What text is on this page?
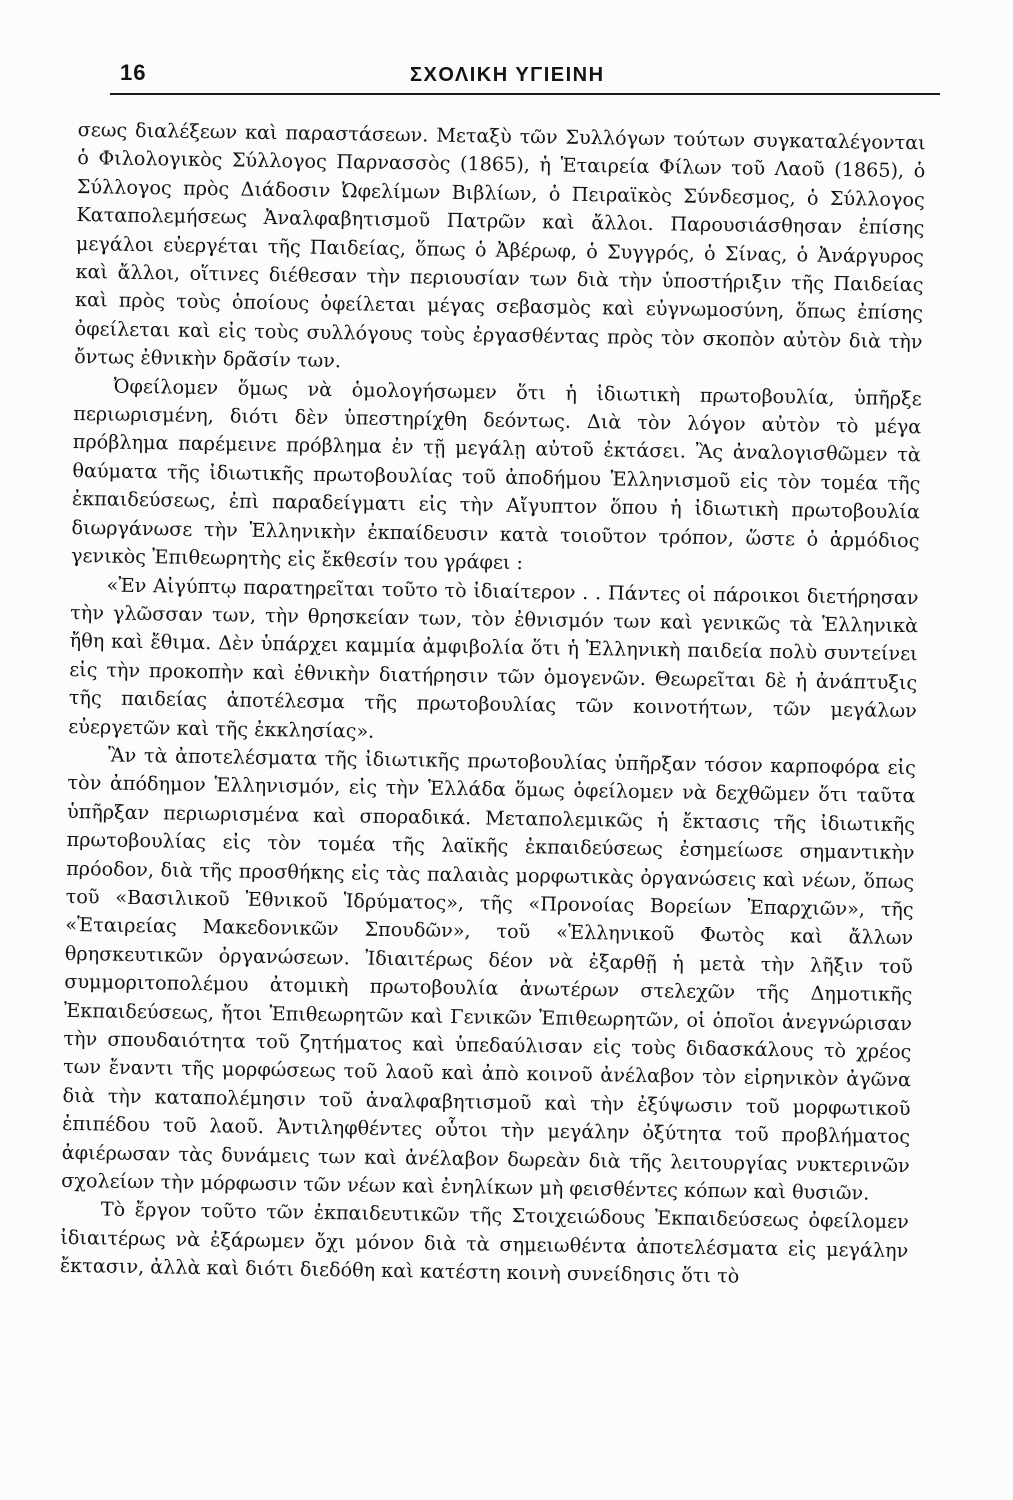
16	ΣΧΟΛΙΚΗ ΥΓΙΕΙΝΗ

σεως διαλέξεων καὶ παραστάσεων. Μεταξὺ τῶν Συλλόγων τούτων συγκαταλέγονται ὁ Φιλολογικὸς Σύλλογος Παρνασσὸς (1865), ἡ Ἑταιρεία Φίλων τοῦ Λαοῦ (1865), ὁ Σύλλογος πρὸς Διάδοσιν Ὠφελίμων Βιβλίων, ὁ Πειραϊκὸς Σύνδεσμος, ὁ Σύλλογος Καταπολεμήσεως Ἀναλφαβητισμοῦ Πατρῶν καὶ ἄλλοι. Παρουσιάσθησαν ἐπίσης μεγάλοι εὐεργέται τῆς Παιδείας, ὅπως ὁ Ἀβέρωφ, ὁ Συγγρός, ὁ Σίνας, ὁ Ἀνάργυρος καὶ ἄλλοι, οἵτινες διέθεσαν τὴν περιουσίαν των διὰ τὴν ὑποστήριξιν τῆς Παιδείας καὶ πρὸς τοὺς ὁποίους ὀφείλεται μέγας σεβασμὸς καὶ εὐγνωμοσύνη, ὅπως ἐπίσης ὀφείλεται καὶ εἰς τοὺς συλλόγους τοὺς ἐργασθέντας πρὸς τὸν σκοπὸν αὐτὸν διὰ τὴν ὄντως ἐθνικὴν δρᾶσίν των.

Ὀφείλομεν ὅμως νὰ ὁμολογήσωμεν ὅτι ἡ ἰδιωτικὴ πρωτοβουλία, ὑπῆρξε περιωρισμένη, διότι δὲν ὑπεστηρίχθη δεόντως. Διὰ τὸν λόγον αὐτὸν τὸ μέγα πρόβλημα παρέμεινε πρόβλημα ἐν τῇ μεγάλῃ αὐτοῦ ἐκτάσει. Ἂς ἀναλογισθῶμεν τὰ θαύματα τῆς ἰδιωτικῆς πρωτοβουλίας τοῦ ἀποδήμου Ἑλληνισμοῦ εἰς τὸν τομέα τῆς ἐκπαιδεύσεως, ἐπὶ παραδείγματι εἰς τὴν Αἴγυπτον ὅπου ἡ ἰδιωτικὴ πρωτοβουλία διωργάνωσε τὴν Ἑλληνικὴν ἐκπαίδευσιν κατὰ τοιοῦτον τρόπον, ὥστε ὁ ἁρμόδιος γενικὸς Ἐπιθεωρητὴς εἰς ἔκθεσίν του γράφει :

«Ἐν Αἰγύπτῳ παρατηρεῖται τοῦτο τὸ ἰδιαίτερον . . Πάντες οἱ πάροικοι διετήρησαν τὴν γλῶσσαν των, τὴν θρησκείαν των, τὸν ἐθνισμόν των καὶ γενικῶς τὰ Ἑλληνικὰ ἤθη καὶ ἔθιμα. Δὲν ὑπάρχει καμμία ἀμφιβολία ὅτι ἡ Ἑλληνικὴ παιδεία πολὺ συντείνει εἰς τὴν προκοπὴν καὶ ἐθνικὴν διατήρησιν τῶν ὁμογενῶν. Θεωρεῖται δὲ ἡ ἀνάπτυξις τῆς παιδείας ἀποτέλεσμα τῆς πρωτοβουλίας τῶν κοινοτήτων, τῶν μεγάλων εὐεργετῶν καὶ τῆς ἐκκλησίας».

Ἂν τὰ ἀποτελέσματα τῆς ἰδιωτικῆς πρωτοβουλίας ὑπῆρξαν τόσον καρποφόρα εἰς τὸν ἀπόδημον Ἑλληνισμόν, εἰς τὴν Ἑλλάδα ὅμως ὀφείλομεν νὰ δεχθῶμεν ὅτι ταῦτα ὑπῆρξαν περιωρισμένα καὶ σποραδικά. Μεταπολεμικῶς ἡ ἔκτασις τῆς ἰδιωτικῆς πρωτοβουλίας εἰς τὸν τομέα τῆς λαϊκῆς ἐκπαιδεύσεως ἐσημείωσε σημαντικὴν πρόοδον, διὰ τῆς προσθήκης εἰς τὰς παλαιὰς μορφωτικὰς ὀργανώσεις καὶ νέων, ὅπως τοῦ «Βασιλικοῦ Ἐθνικοῦ Ἱδρύματος», τῆς «Προνοίας Βορείων Ἐπαρχιῶν», τῆς «Ἑταιρείας Μακεδονικῶν Σπουδῶν», τοῦ «Ἑλληνικοῦ Φωτὸς καὶ ἄλλων θρησκευτικῶν ὀργανώσεων. Ἰδιαιτέρως δέον νὰ ἐξαρθῇ ἡ μετὰ τὴν λῆξιν τοῦ συμμοριτοπολέμου ἀτομικὴ πρωτοβουλία ἀνωτέρων στελεχῶν τῆς Δημοτικῆς Ἐκπαιδεύσεως, ἤτοι Ἐπιθεωρητῶν καὶ Γενικῶν Ἐπιθεωρητῶν, οἱ ὁποῖοι ἀνεγνώρισαν τὴν σπουδαιότητα τοῦ ζητήματος καὶ ὑπεδαύλισαν εἰς τοὺς διδασκάλους τὸ χρέος των ἔναντι τῆς μορφώσεως τοῦ λαοῦ καὶ ἀπὸ κοινοῦ ἀνέλαβον τὸν εἰρηνικὸν ἀγῶνα διὰ τὴν καταπολέμησιν τοῦ ἀναλφαβητισμοῦ καὶ τὴν ἐξύψωσιν τοῦ μορφωτικοῦ ἐπιπέδου τοῦ λαοῦ. Ἀντιληφθέντες οὗτοι τὴν μεγάλην ὀξύτητα τοῦ προβλήματος ἀφιέρωσαν τὰς δυνάμεις των καὶ ἀνέλαβον δωρεὰν διὰ τῆς λειτουργίας νυκτερινῶν σχολείων τὴν μόρφωσιν τῶν νέων καὶ ἐνηλίκων μὴ φεισθέντες κόπων καὶ θυσιῶν.

Τὸ ἔργον τοῦτο τῶν ἐκπαιδευτικῶν τῆς Στοιχειώδους Ἐκπαιδεύσεως ὀφείλομεν ἰδιαιτέρως νὰ ἐξάρωμεν ὄχι μόνον διὰ τὰ σημειωθέντα ἀποτελέσματα εἰς μεγάλην ἔκτασιν, ἀλλὰ καὶ διότι διεδόθη καὶ κατέστη κοινὴ συνείδησις ὅτι τὸ
